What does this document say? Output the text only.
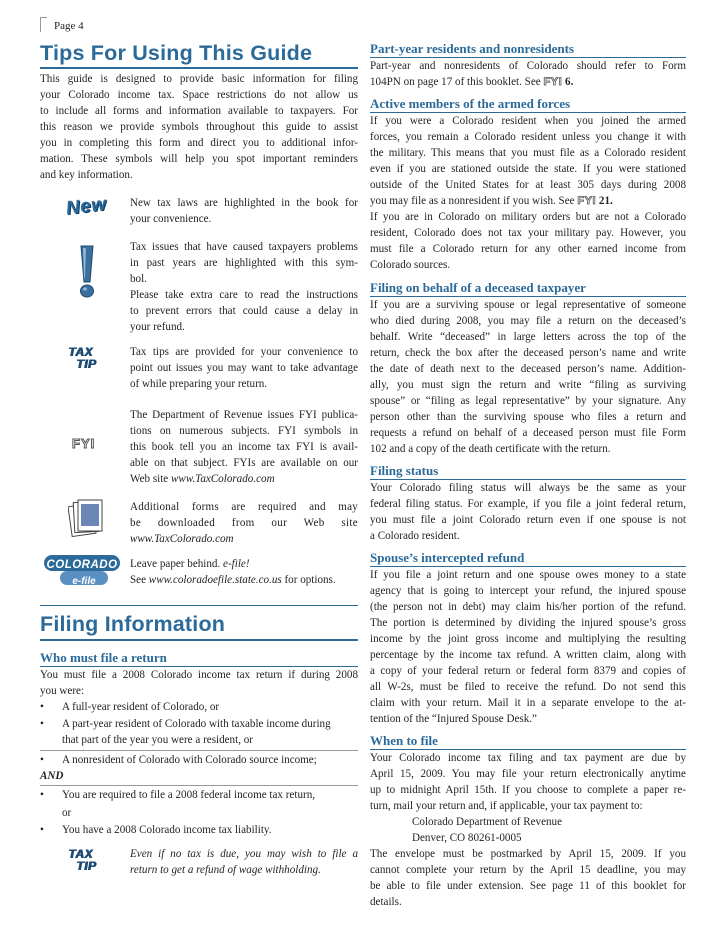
Page 4
Tips For Using This Guide
This guide is designed to provide basic information for filing
your Colorado income tax. Space restrictions do not allow us
to include all forms and information available to taxpayers. For
this reason we provide symbols throughout this guide to assist
you in completing this form and direct you to additional infor-
mation. These symbols will help you spot important reminders
and key information.
New New tax laws are highlighted in the book for
your convenience.
Tax issues that have caused taxpayers problems
in past years are highlighted with this sym-
bol.
Please take extra care to read the instructions
to prevent errors that could cause a delay in
your refund.
TAX
TIP
Tax tips are provided for your convenience to
point out issues you may want to take advantage
of while preparing your return.
FYI
The Department of Revenue issues FYI publica-
tions on numerous subjects. FYI symbols in
this book tell you an income tax FYI is avail-
able on that subject. FYIs are available on our
Web site www.TaxColorado.com
Additional forms are required and may
be downloaded from our Web site
www.TaxColorado.com
COLORADO
e-file
Leave paper behind. e-file!
See www.coloradoefile.state.co.us for options.
Filing Information
Who must file a return
You must file a 2008 Colorado income tax return if during 2008
you were:
• A full-year resident of Colorado, or
• A part-year resident of Colorado with taxable income during
that part of the year you were a resident, or
• A nonresident of Colorado with Colorado source income;
AND
• You are required to file a 2008 federal income tax return,
or
• You have a 2008 Colorado income tax liability.
TAX
TIP
Even if no tax is due, you may wish to file a
return to get a refund of wage withholding.
Part-year residents and nonresidents
Part-year and nonresidents of Colorado should refer to Form
104PN on page 17 of this booklet. See FYI 6.
Active members of the armed forces
If you were a Colorado resident when you joined the armed
forces, you remain a Colorado resident unless you change it with
the military. This means that you must file as a Colorado resident
even if you are stationed outside the state. If you were stationed
outside of the United States for at least 305 days during 2008
you may file as a nonresident if you wish. See FYI 21.
If you are in Colorado on military orders but are not a Colorado
resident, Colorado does not tax your military pay. However, you
must file a Colorado return for any other earned income from
Colorado sources.
Filing on behalf of a deceased taxpayer
If you are a surviving spouse or legal representative of someone
who died during 2008, you may file a return on the deceased’s
behalf. Write “deceased” in large letters across the top of the
return, check the box after the deceased person’s name and write
the date of death next to the deceased person’s name. Addition-
ally, you must sign the return and write “filing as surviving
spouse” or “filing as legal representative” by your signature. Any
person other than the surviving spouse who files a return and
requests a refund on behalf of a deceased person must file Form
102 and a copy of the death certificate with the return.
Filing status
Your Colorado filing status will always be the same as your
federal filing status. For example, if you file a joint federal return,
you must file a joint Colorado return even if one spouse is not
a Colorado resident.
Spouse’s intercepted refund
If you file a joint return and one spouse owes money to a state
agency that is going to intercept your refund, the injured spouse
(the person not in debt) may claim his/her portion of the refund.
The portion is determined by dividing the injured spouse’s gross
income by the joint gross income and multiplying the resulting
percentage by the income tax refund. A written claim, along with
a copy of your federal return or federal form 8379 and copies of
all W-2s, must be filed to receive the refund. Do not send this
claim with your return. Mail it in a separate envelope to the at-
tention of the “Injured Spouse Desk.”
When to file
Your Colorado income tax filing and tax payment are due by
April 15, 2009. You may file your return electronically anytime
up to midnight April 15th. If you choose to complete a paper re-
turn, mail your return and, if applicable, your tax payment to:
Colorado Department of Revenue
Denver, CO 80261-0005
The envelope must be postmarked by April 15, 2009. If you
cannot complete your return by the April 15 deadline, you may
be able to file under extension. See page 11 of this booklet for
details.
